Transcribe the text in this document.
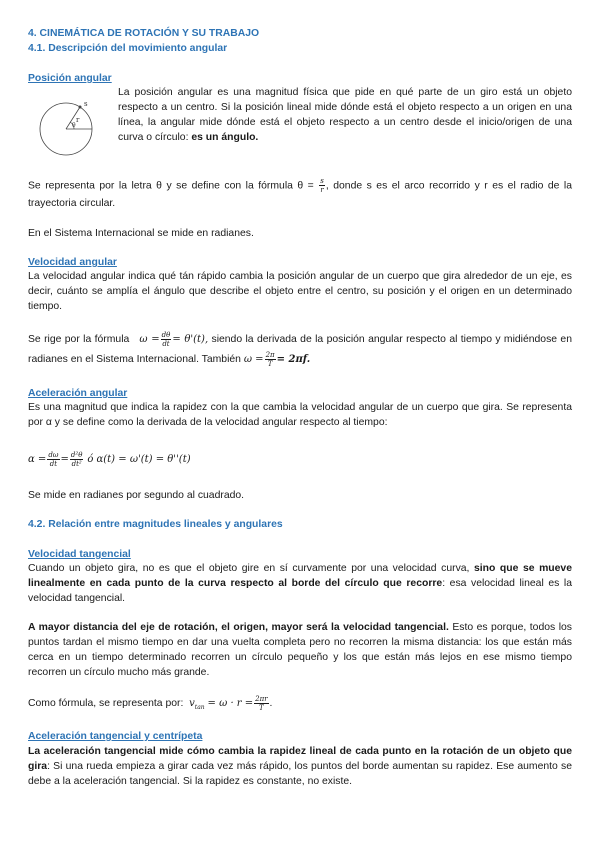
4. CINEMÁTICA DE ROTACIÓN Y SU TRABAJO
4.1. Descripción del movimiento angular
Posición angular
s
r
θ

La posición angular es una magnitud física que pide en qué parte de un giro está un objeto respecto a un centro. Si la posición lineal mide dónde está el objeto respecto a un origen en una línea, la angular mide dónde está el objeto respecto a un centro desde el inicio/origen de una curva o círculo: es un ángulo.

Se representa por la letra θ y se define con la fórmula $\theta = \frac{s}{r}$ , donde s es el arco recorrido y r es el radio de la trayectoria circular.

En el Sistema Internacional se mide en radianes.

Velocidad angular

La velocidad angular indica qué tán rápido cambia la posición angular de un cuerpo que gira alrededor de un eje, es decir, cuánto se amplía el ángulo que describe el objeto entre el centro, su posición y el origen en un determinado tiempo.

Se rige por la fórmula $\omega = \frac{d\theta}{dt} = \theta'(t)$, siendo la derivada de la posición angular respecto al tiempo y midiéndose en radianes en el Sistema Internacional. También $\omega = \frac{2\pi}{T} = 2\pi f$.

Aceleración angular

Es una magnitud que indica la rapidez con la que cambia la velocidad angular de un cuerpo que gira. Se representa por α y se define como la derivada de la velocidad angular respecto al tiempo:

$\alpha = \frac{d\omega}{dt} = \frac{\text{d²θ}}{\text{dt²}}$ ó α(t) = ω'(t) = θ''(t)

Se mide en radianes por segundo al cuadrado.

4.2. Relación entre magnitudes lineales y angulares
Velocidad tangencial

Cuando un objeto gira, no es que el objeto gire en sí curvamente por una velocidad curva, sino que se mueve linealmente en cada punto de la curva respecto al borde del círculo que recorre: esa velocidad lineal es la velocidad tangencial.

A mayor distancia del eje de rotación, el origen, mayor será la velocidad tangencial. Esto es porque, todos los puntos tardan el mismo tiempo en dar una vuelta completa pero no recorren la misma distancia: los que están más cerca en un tiempo determinado recorren un círculo pequeño y los que están más lejos en ese mismo tiempo recorren un círculo mucho más grande.

Como fórmula, se representa por: $v_{tan} = \omega \cdot r = \frac{2\pi r}{T}$ .

Aceleración tangencial y centrípeta

La aceleración tangencial mide cómo cambia la rapidez lineal de cada punto en la rotación de un objeto que gira: Si una rueda empieza a girar cada vez más rápido, los puntos del borde aumentan su rapidez. Ese aumento se debe a la aceleración tangencial. Si la rapidez es constante, no existe.
